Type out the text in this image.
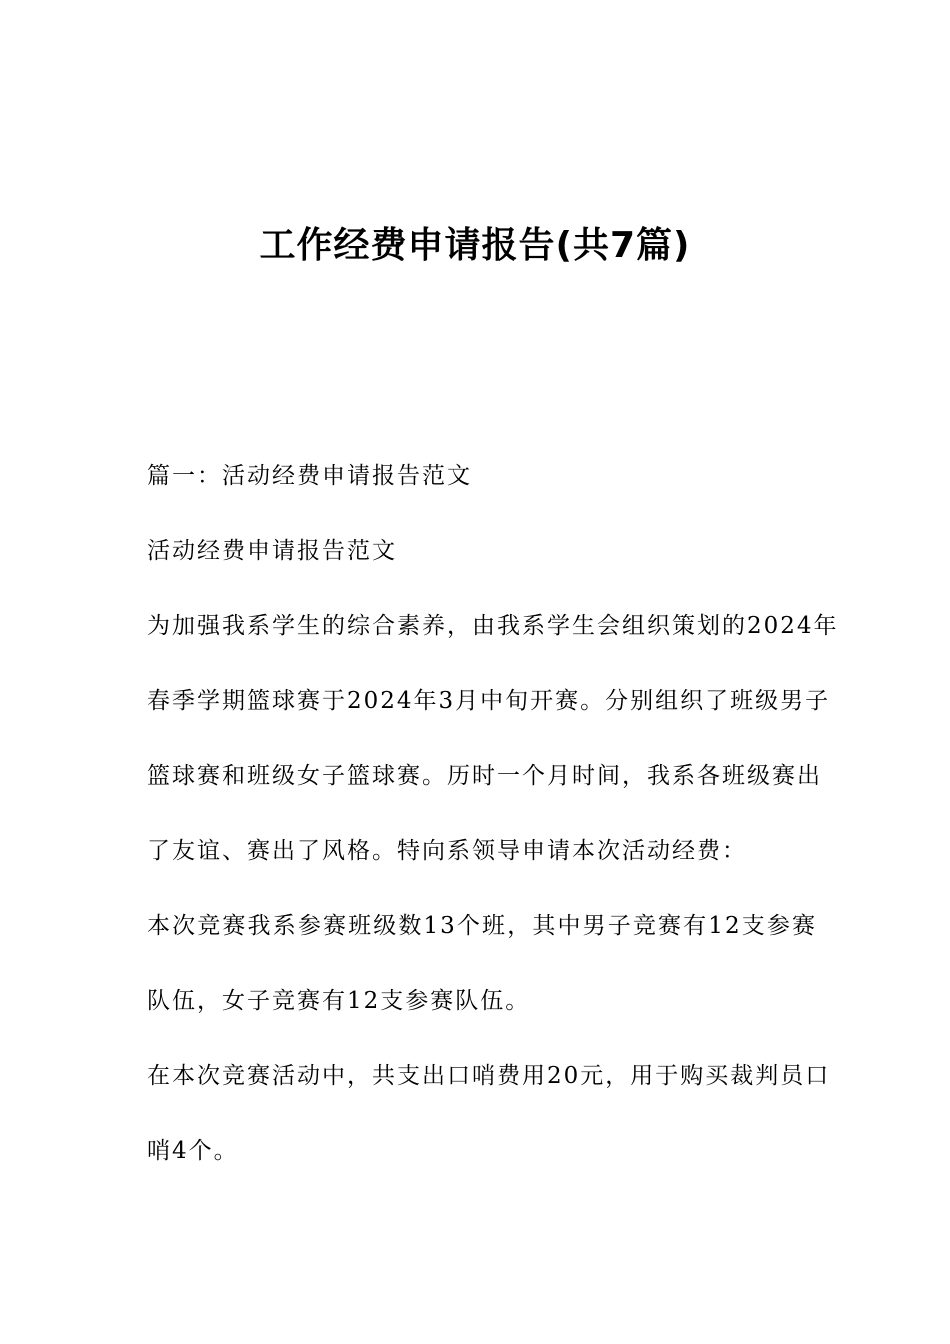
工作经费申请报告(共7篇)

篇一：活动经费申请报告范文

活动经费申请报告范文

为加强我系学生的综合素养，由我系学生会组织策划的2024年

春季学期篮球赛于2024年3月中旬开赛。分别组织了班级男子

篮球赛和班级女子篮球赛。历时一个月时间，我系各班级赛出

了友谊、赛出了风格。特向系领导申请本次活动经费：

本次竞赛我系参赛班级数13个班，其中男子竞赛有12支参赛

队伍，女子竞赛有12支参赛队伍。

在本次竞赛活动中，共支出口哨费用20元，用于购买裁判员口

哨4个。
